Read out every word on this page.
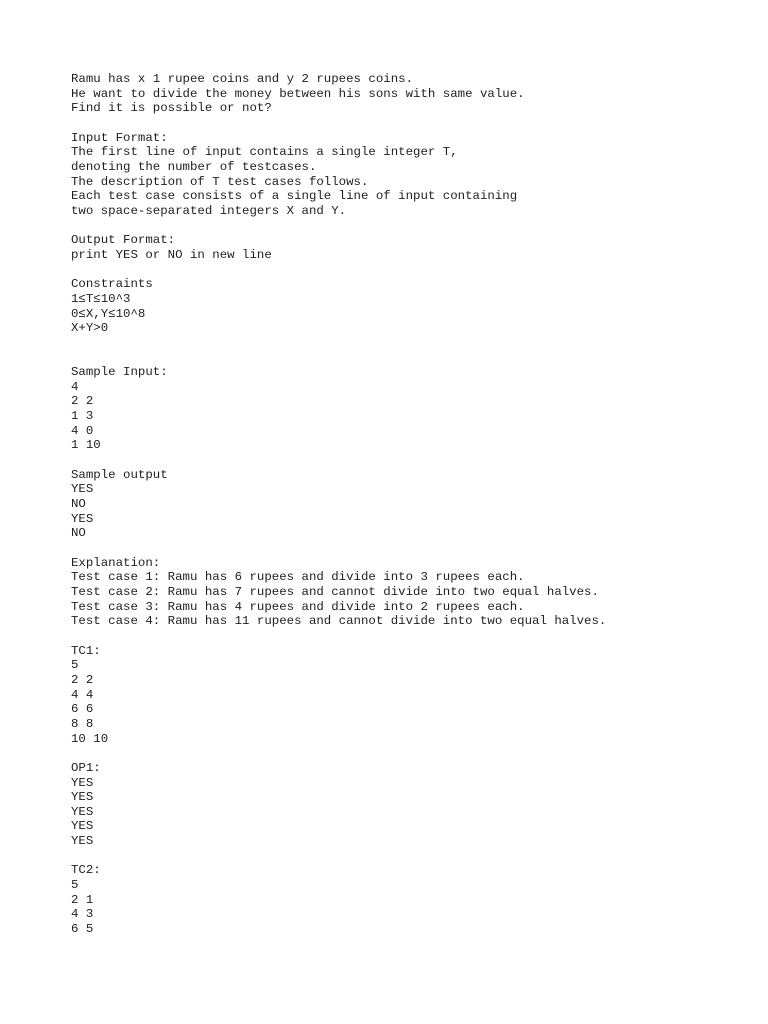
Ramu has x 1 rupee coins and y 2 rupees coins.
He want to divide the money between his sons with same value.
Find it is possible or not?

Input Format:
The first line of input contains a single integer T,
denoting the number of testcases.
The description of T test cases follows.
Each test case consists of a single line of input containing
two space-separated integers X and Y.

Output Format:
print YES or NO in new line

Constraints
1≤T≤10^3
0≤X,Y≤10^8
X+Y>0

Sample Input:
4
2 2
1 3
4 0
1 10

Sample output
YES
NO
YES
NO

Explanation:
Test case 1: Ramu has 6 rupees and divide into 3 rupees each.
Test case 2: Ramu has 7 rupees and cannot divide into two equal halves.
Test case 3: Ramu has 4 rupees and divide into 2 rupees each.
Test case 4: Ramu has 11 rupees and cannot divide into two equal halves.

TC1:
5
2 2
4 4
6 6
8 8
10 10

OP1:
YES
YES
YES
YES
YES

TC2:
5
2 1
4 3
6 5
